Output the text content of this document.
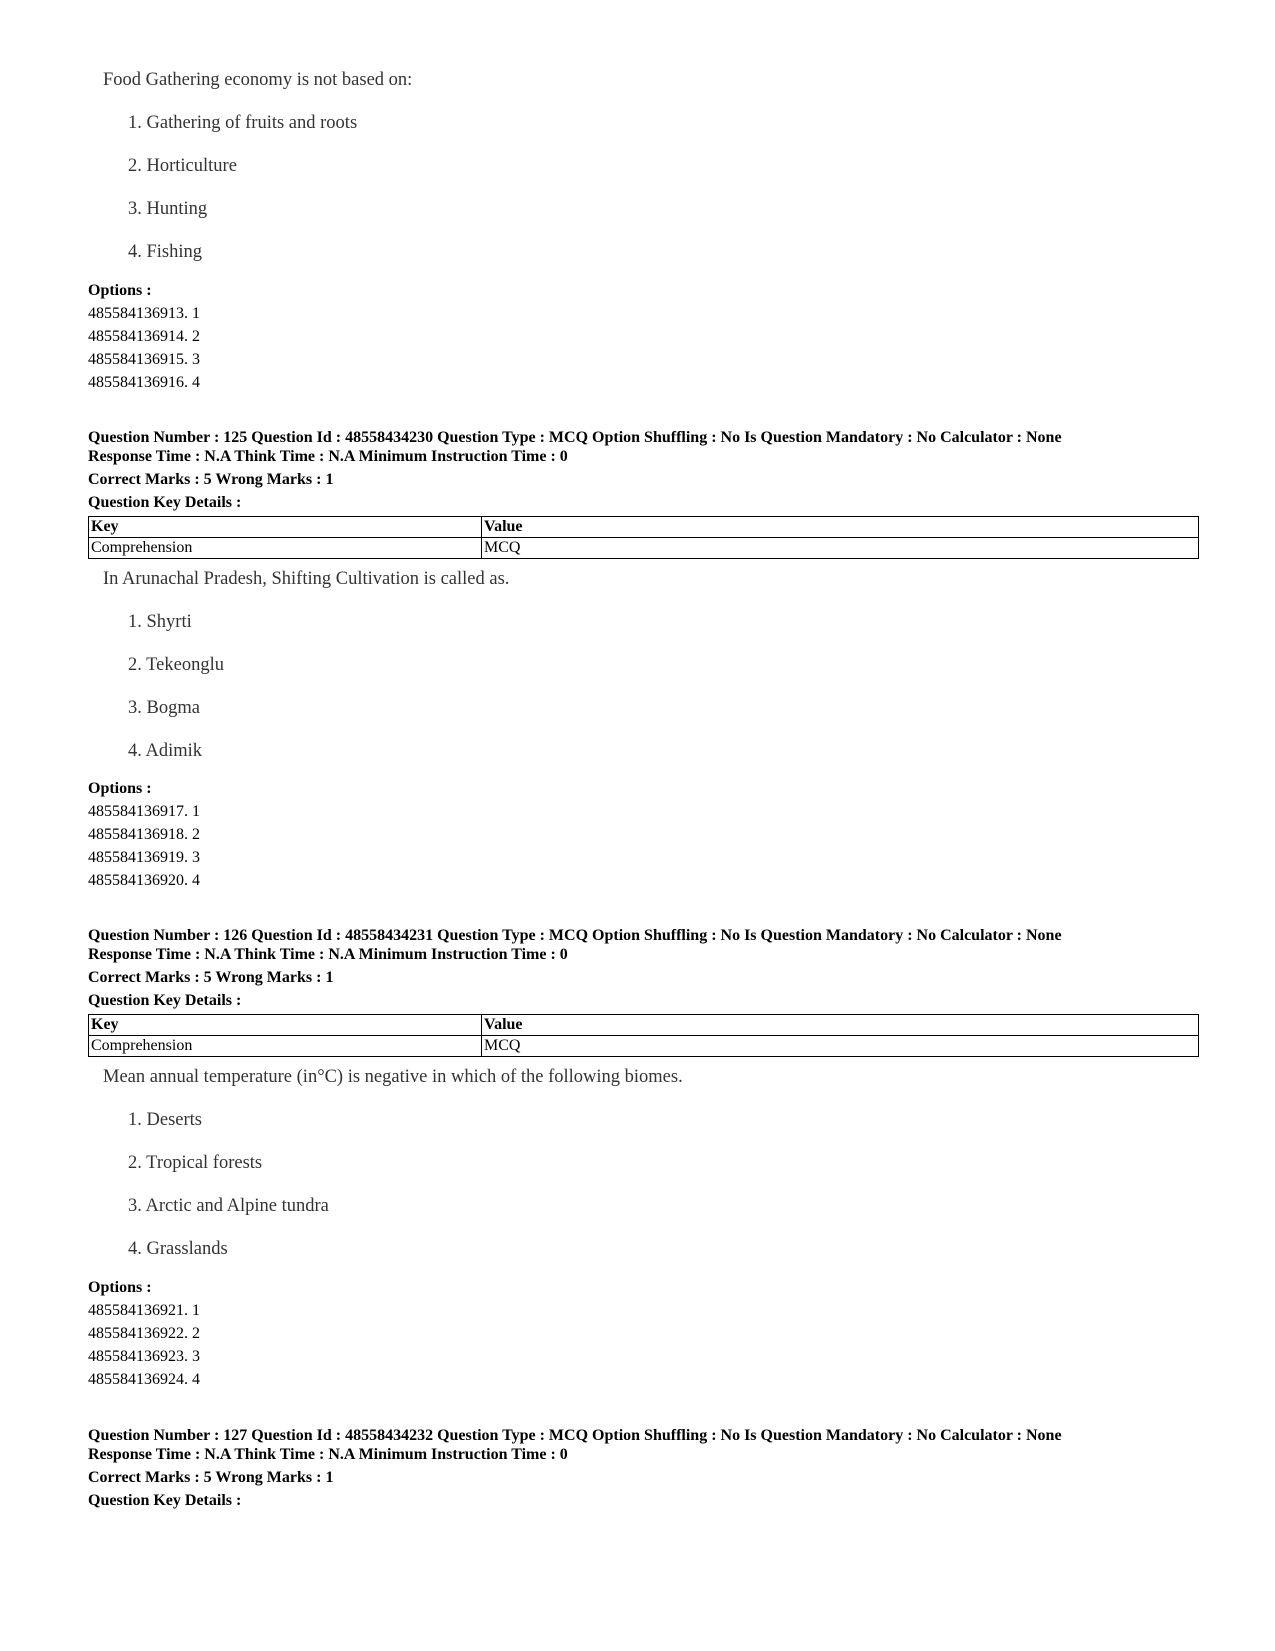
Food Gathering economy is not based on:
1. Gathering of fruits and roots
2. Horticulture
3. Hunting
4. Fishing
Options :
485584136913. 1
485584136914. 2
485584136915. 3
485584136916. 4
Question Number : 125 Question Id : 48558434230 Question Type : MCQ Option Shuffling : No Is Question Mandatory : No Calculator : None
Response Time : N.A Think Time : N.A Minimum Instruction Time : 0
Correct Marks : 5 Wrong Marks : 1
Question Key Details :
Key	Value
Comprehension	MCQ
In Arunachal Pradesh, Shifting Cultivation is called as.
1. Shyrti
2. Tekeonglu
3. Bogma
4. Adimik
Options :
485584136917. 1
485584136918. 2
485584136919. 3
485584136920. 4
Question Number : 126 Question Id : 48558434231 Question Type : MCQ Option Shuffling : No Is Question Mandatory : No Calculator : None
Response Time : N.A Think Time : N.A Minimum Instruction Time : 0
Correct Marks : 5 Wrong Marks : 1
Question Key Details :
Key	Value
Comprehension	MCQ
Mean annual temperature (in°C) is negative in which of the following biomes.
1. Deserts
2. Tropical forests
3. Arctic and Alpine tundra
4. Grasslands
Options :
485584136921. 1
485584136922. 2
485584136923. 3
485584136924. 4
Question Number : 127 Question Id : 48558434232 Question Type : MCQ Option Shuffling : No Is Question Mandatory : No Calculator : None
Response Time : N.A Think Time : N.A Minimum Instruction Time : 0
Correct Marks : 5 Wrong Marks : 1
Question Key Details :
